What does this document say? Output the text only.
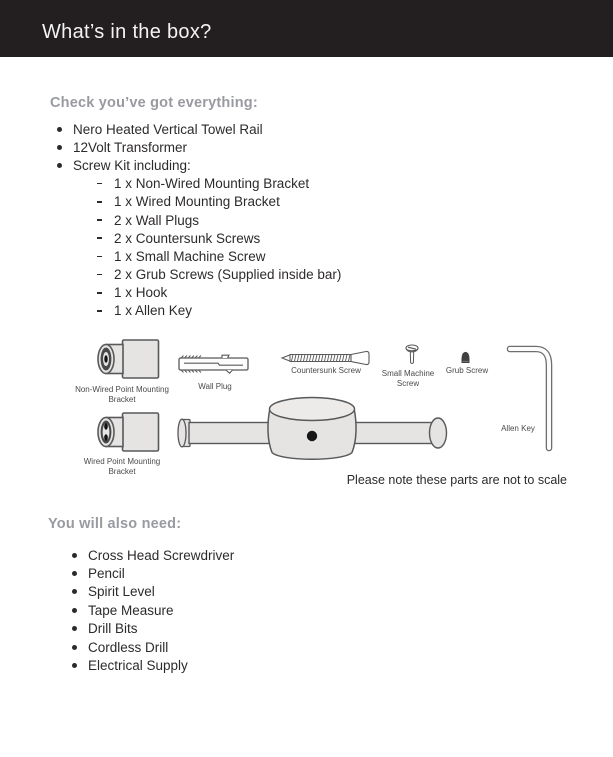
What’s in the box?
Check you’ve got everything:
Nero Heated Vertical Towel Rail
12Volt Transformer
Screw Kit including:
1 x Non-Wired Mounting Bracket
1 x Wired Mounting Bracket
2 x Wall Plugs
2 x Countersunk Screws
1 x Small Machine Screw
2 x Grub Screws (Supplied inside bar)
1 x Hook
1 x Allen Key
Non-Wired Point Mounting Bracket
Wired Point Mounting Bracket
Wall Plug
Countersunk Screw	Small Machine Screw
Grub Screw
Allen Key
Please note these parts are not to scale
You will also need:
Cross Head Screwdriver
Pencil
Spirit Level
Tape Measure
Drill Bits
Cordless Drill
Electrical Supply
